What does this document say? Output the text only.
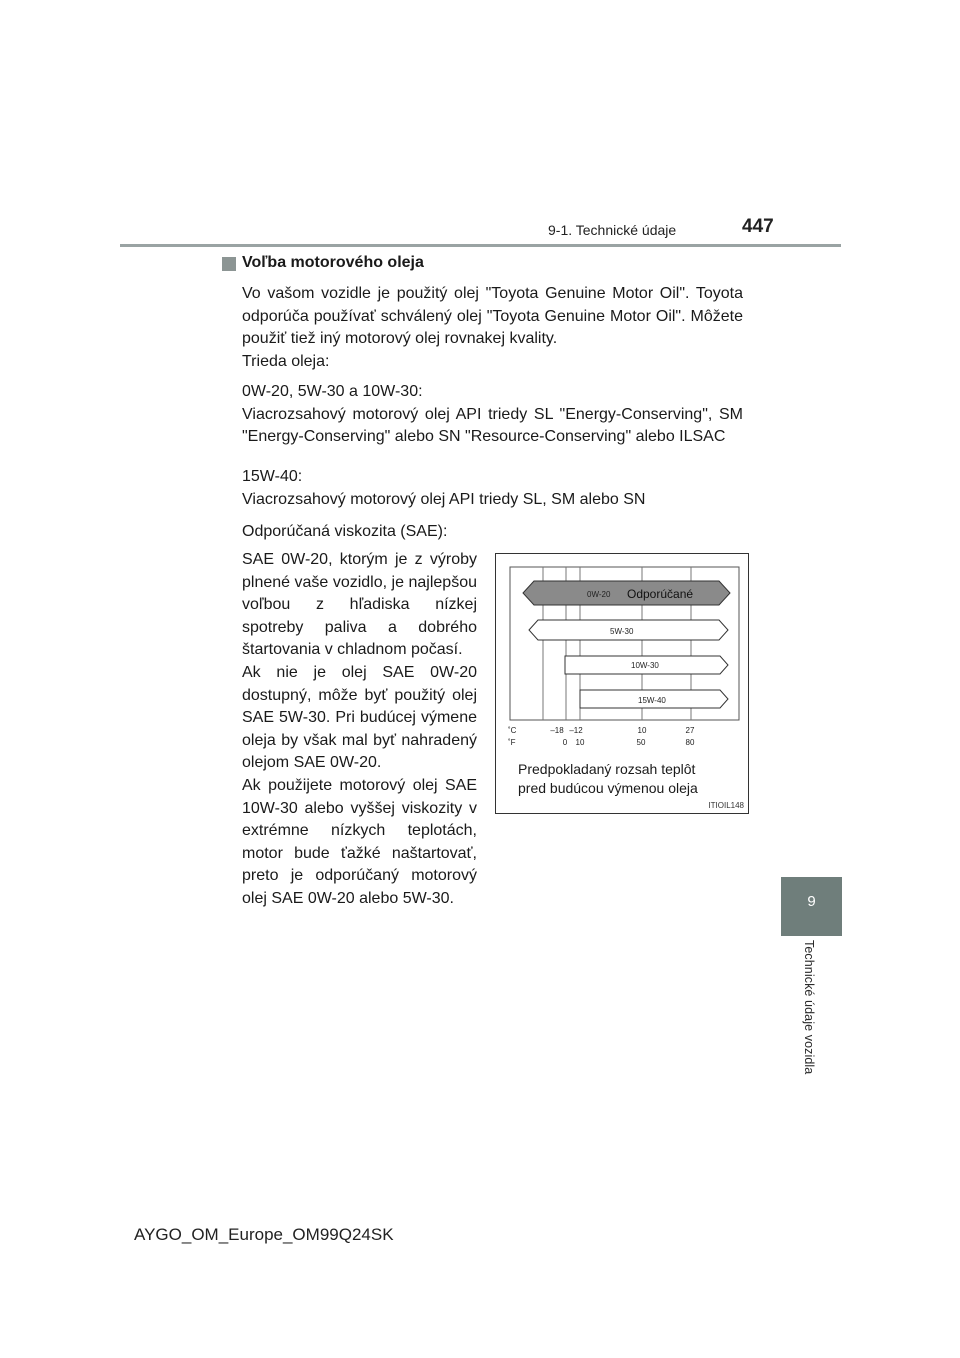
9-1. Technické údaje	447
9
Technické údaje vozidla
Voľba motorového oleja

Vo vašom vozidle je použitý olej "Toyota Genuine Motor Oil". Toyota odporúča používať schválený olej "Toyota Genuine Motor Oil". Môžete použiť tiež iný motorový olej rovnakej kvality.

Trieda oleja:

0W-20, 5W-30 a 10W-30:

Viacrozsahový motorový olej API triedy SL "Energy-Conserving", SM "Energy-Conserving" alebo SN "Resource-Conserving" alebo ILSAC

15W-40:

Viacrozsahový motorový olej API triedy SL, SM alebo SN

Odporúčaná viskozita (SAE):

SAE 0W-20, ktorým je z výroby plnené vaše vozidlo, je najlepšou voľbou z hľadiska nízkej spotreby paliva a dobrého štartovania v chladnom počasí.

Ak nie je olej SAE 0W-20 dostupný, môže byť použitý olej SAE 5W-30. Pri budúcej výmene oleja by však mal byť nahradený olejom SAE 0W-20.

Ak použijete motorový olej SAE 10W-30 alebo vyššej viskozity v extrémne nízkych teplotách, motor bude ťažké naštartovať, preto je odporúčaný motorový olej SAE 0W-20 alebo 5W-30.

0W-20 Odporúčané
5W-30
10W-30
15W-40
˚C
˚F
–18 –12	10	27
0 10	50	80
Predpokladaný rozsah teplôt
pred budúcou výmenou oleja
ITIOIL148
AYGO_OM_Europe_OM99Q24SK
